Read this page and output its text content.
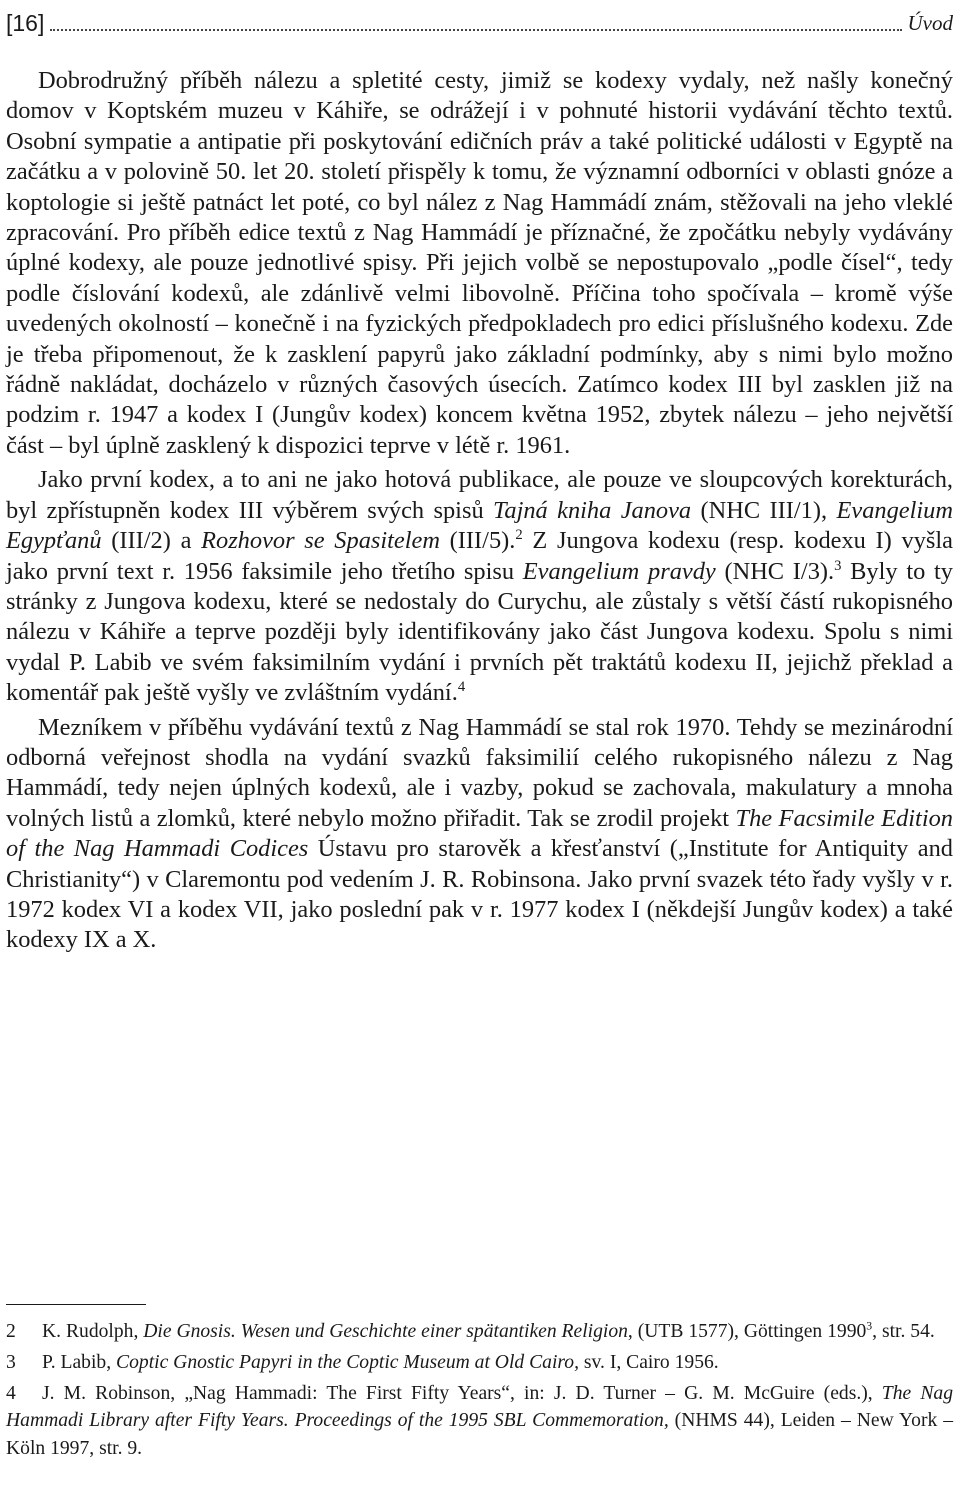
[16]	Úvod

Dobrodružný příběh nálezu a spletité cesty, jimiž se kodexy vydaly, než našly konečný domov v Koptském muzeu v Káhiře, se odrážejí i v pohnuté historii vydávání těchto textů. Osobní sympatie a antipatie při poskytování edičních práv a také politické události v Egyptě na začátku a v polovině 50. let 20. století přispěly k tomu, že významní odborníci v oblasti gnóze a koptologie si ještě patnáct let poté, co byl nález z Nag Hammádí znám, stěžovali na jeho vleklé zpracování. Pro příběh edice textů z Nag Hammádí je příznačné, že zpočátku nebyly vydávány úplné kodexy, ale pouze jednotlivé spisy. Při jejich volbě se nepostupovalo „podle čísel“, tedy podle číslování kodexů, ale zdánlivě velmi libovolně. Příčina toho spočívala – kromě výše uvedených okolností – konečně i na fyzických předpokladech pro edici příslušného kodexu. Zde je třeba připomenout, že k zasklení papyrů jako základní podmínky, aby s nimi bylo možno řádně nakládat, docházelo v různých časových úsecích. Zatímco kodex III byl zasklen již na podzim r. 1947 a kodex I (Jungův kodex) koncem května 1952, zbytek nálezu – jeho největší část – byl úplně zasklený k dispozici teprve v létě r. 1961.

Jako první kodex, a to ani ne jako hotová publikace, ale pouze ve sloupcových korekturách, byl zpřístupněn kodex III výběrem svých spisů Tajná kniha Janova (NHC III/1), Evangelium Egypťanů (III/2) a Rozhovor se Spasitelem (III/5).$^2$ Z Jungova kodexu (resp. kodexu I) vyšla jako první text r. 1956 faksimile jeho třetího spisu Evangelium pravdy (NHC I/3).$^3$ Byly to ty stránky z Jungova kodexu, které se nedostaly do Curychu, ale zůstaly s větší částí rukopisného nálezu v Káhiře a teprve později byly identifikovány jako část Jungova kodexu. Spolu s nimi vydal P. Labib ve svém faksimilním vydání i prvních pět traktátů kodexu II, jejichž překlad a komentář pak ještě vyšly ve zvláštním vydání.$^4$

Mezníkem v příběhu vydávání textů z Nag Hammádí se stal rok 1970. Tehdy se mezinárodní odborná veřejnost shodla na vydání svazků faksimilií celého rukopisného nálezu z Nag Hammádí, tedy nejen úplných kodexů, ale i vazby, pokud se zachovala, makulatury a mnoha volných listů a zlomků, které nebylo možno přiřadit. Tak se zrodil projekt The Facsimile Edition of the Nag Hammadi Codices Ústavu pro starověk a křesťanství („Institute for Antiquity and Christianity“) v Claremontu pod vedením J. R. Robinsona. Jako první svazek této řady vyšly v r. 1972 kodex VI a kodex VII, jako poslední pak v r. 1977 kodex I (někdejší Jungův kodex) a také kodexy IX a X.

2 K. Rudolph, Die Gnosis. Wesen und Geschichte einer spätantiken Religion, (UTB 1577), Göttingen 1990$^3$, str. 54.

3 P. Labib, Coptic Gnostic Papyri in the Coptic Museum at Old Cairo, sv. I, Cairo 1956.

4 J. M. Robinson, „Nag Hammadi: The First Fifty Years“, in: J. D. Turner – G. M. McGuire (eds.), The Nag Hammadi Library after Fifty Years. Proceedings of the 1995 SBL Commemoration, (NHMS 44), Leiden – New York – Köln 1997, str. 9.
